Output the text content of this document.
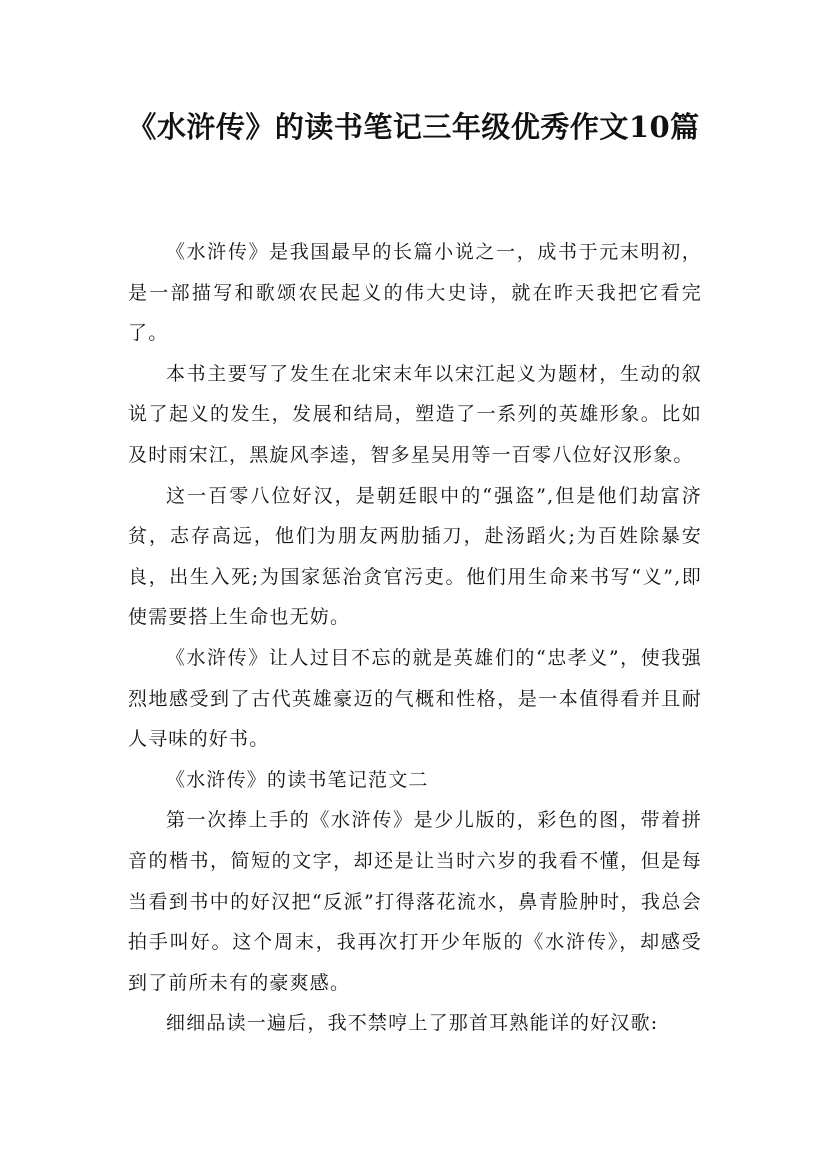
《水浒传》的读书笔记三年级优秀作文10篇

《水浒传》是我国最早的长篇小说之一，成书于元末明初，是一部描写和歌颂农民起义的伟大史诗，就在昨天我把它看完了。

本书主要写了发生在北宋末年以宋江起义为题材，生动的叙说了起义的发生，发展和结局，塑造了一系列的英雄形象。比如及时雨宋江，黑旋风李逵，智多星吴用等一百零八位好汉形象。

这一百零八位好汉，是朝廷眼中的“强盗”,但是他们劫富济贫，志存高远，他们为朋友两肋插刀，赴汤蹈火;为百姓除暴安良，出生入死;为国家惩治贪官污吏。他们用生命来书写“义”,即使需要搭上生命也无妨。

《水浒传》让人过目不忘的就是英雄们的“忠孝义”，使我强烈地感受到了古代英雄豪迈的气概和性格，是一本值得看并且耐人寻味的好书。

《水浒传》的读书笔记范文二

第一次捧上手的《水浒传》是少儿版的，彩色的图，带着拼音的楷书，简短的文字，却还是让当时六岁的我看不懂，但是每当看到书中的好汉把“反派”打得落花流水，鼻青脸肿时，我总会拍手叫好。这个周末，我再次打开少年版的《水浒传》，却感受到了前所未有的豪爽感。

细细品读一遍后，我不禁哼上了那首耳熟能详的好汉歌:
